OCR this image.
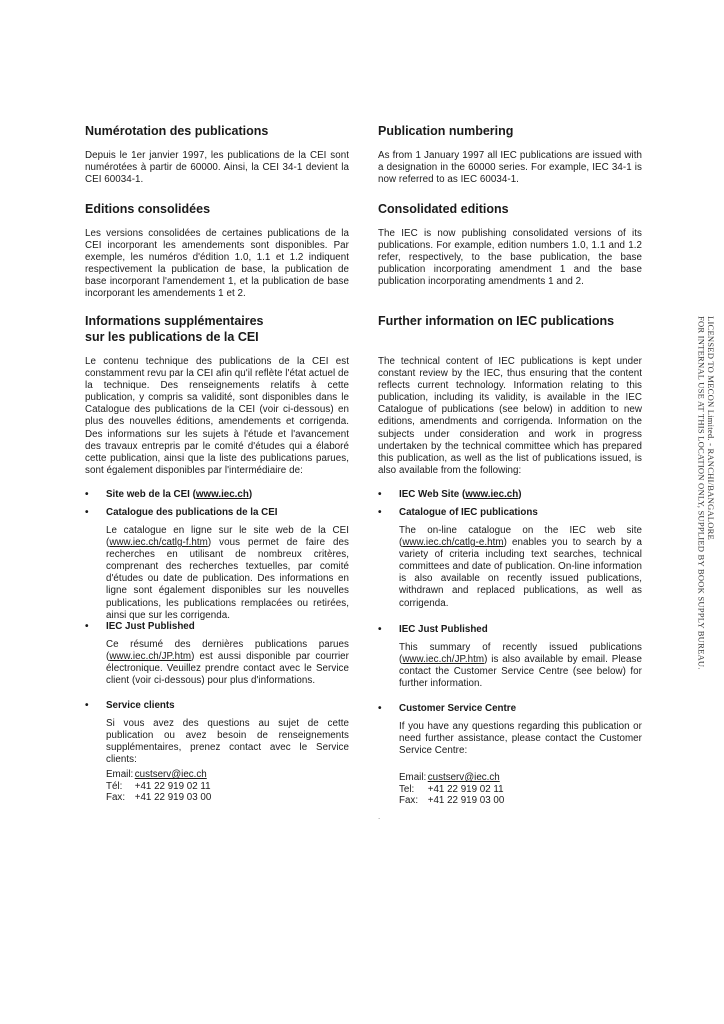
Numérotation des publications

Depuis le 1er janvier 1997, les publications de la CEI sont numérotées à partir de 60000. Ainsi, la CEI 34-1 devient la CEI 60034-1.

Editions consolidées

Les versions consolidées de certaines publications de la CEI incorporant les amendements sont disponibles. Par exemple, les numéros d'édition 1.0, 1.1 et 1.2 indiquent respectivement la publication de base, la publication de base incorporant l'amendement 1, et la publication de base incorporant les amendements 1 et 2.

Informations supplémentaires
sur les publications de la CEI

Le contenu technique des publications de la CEI est constamment revu par la CEI afin qu'il reflète l'état actuel de la technique. Des renseignements relatifs à cette publication, y compris sa validité, sont disponibles dans le Catalogue des publications de la CEI (voir ci-dessous) en plus des nouvelles éditions, amendements et corrigenda. Des informations sur les sujets à l'étude et l'avancement des travaux entrepris par le comité d'études qui a élaboré cette publication, ainsi que la liste des publications parues, sont également disponibles par l'intermédiaire de:

• Site web de la CEI (www.iec.ch)
• Catalogue des publications de la CEI

Le catalogue en ligne sur le site web de la CEI (www.iec.ch/catlg-f.htm) vous permet de faire des recherches en utilisant de nombreux critères, comprenant des recherches textuelles, par comité d'études ou date de publication. Des informations en ligne sont également disponibles sur les nouvelles publications, les publications remplacées ou retirées, ainsi que sur les corrigenda.

• IEC Just Published

Ce résumé des dernières publications parues (www.iec.ch/JP.htm) est aussi disponible par courrier électronique. Veuillez prendre contact avec le Service client (voir ci-dessous) pour plus d'informations.

• Service clients

Si vous avez des questions au sujet de cette publication ou avez besoin de renseignements supplémentaires, prenez contact avec le Service clients:

Email: custserv@iec.ch
Tél: +41 22 919 02 11
Fax: +41 22 919 03 00
Publication numbering

As from 1 January 1997 all IEC publications are issued with a designation in the 60000 series. For example, IEC 34-1 is now referred to as IEC 60034-1.

Consolidated editions

The IEC is now publishing consolidated versions of its publications. For example, edition numbers 1.0, 1.1 and 1.2 refer, respectively, to the base publication, the base publication incorporating amendment 1 and the base publication incorporating amendments 1 and 2.

Further information on IEC publications

The technical content of IEC publications is kept under constant review by the IEC, thus ensuring that the content reflects current technology. Information relating to this publication, including its validity, is available in the IEC Catalogue of publications (see below) in addition to new editions, amendments and corrigenda. Information on the subjects under consideration and work in progress undertaken by the technical committee which has prepared this publication, as well as the list of publications issued, is also available from the following:

• IEC Web Site (www.iec.ch)
• Catalogue of IEC publications

The on-line catalogue on the IEC web site (www.iec.ch/catlg-e.htm) enables you to search by a variety of criteria including text searches, technical committees and date of publication. On-line information is also available on recently issued publications, withdrawn and replaced publications, as well as corrigenda.

• IEC Just Published

This summary of recently issued publications (www.iec.ch/JP.htm) is also available by email. Please contact the Customer Service Centre (see below) for further information.

• Customer Service Centre

If you have any questions regarding this publication or need further assistance, please contact the Customer Service Centre:

Email: custserv@iec.ch
Tel: +41 22 919 02 11
Fax: +41 22 919 03 00
.
LICENSED TO MECON Limited. - RANCHI/BANGALORE
FOR INTERNAL USE AT THIS LOCATION ONLY, SUPPLIED BY BOOK SUPPLY BUREAU.
